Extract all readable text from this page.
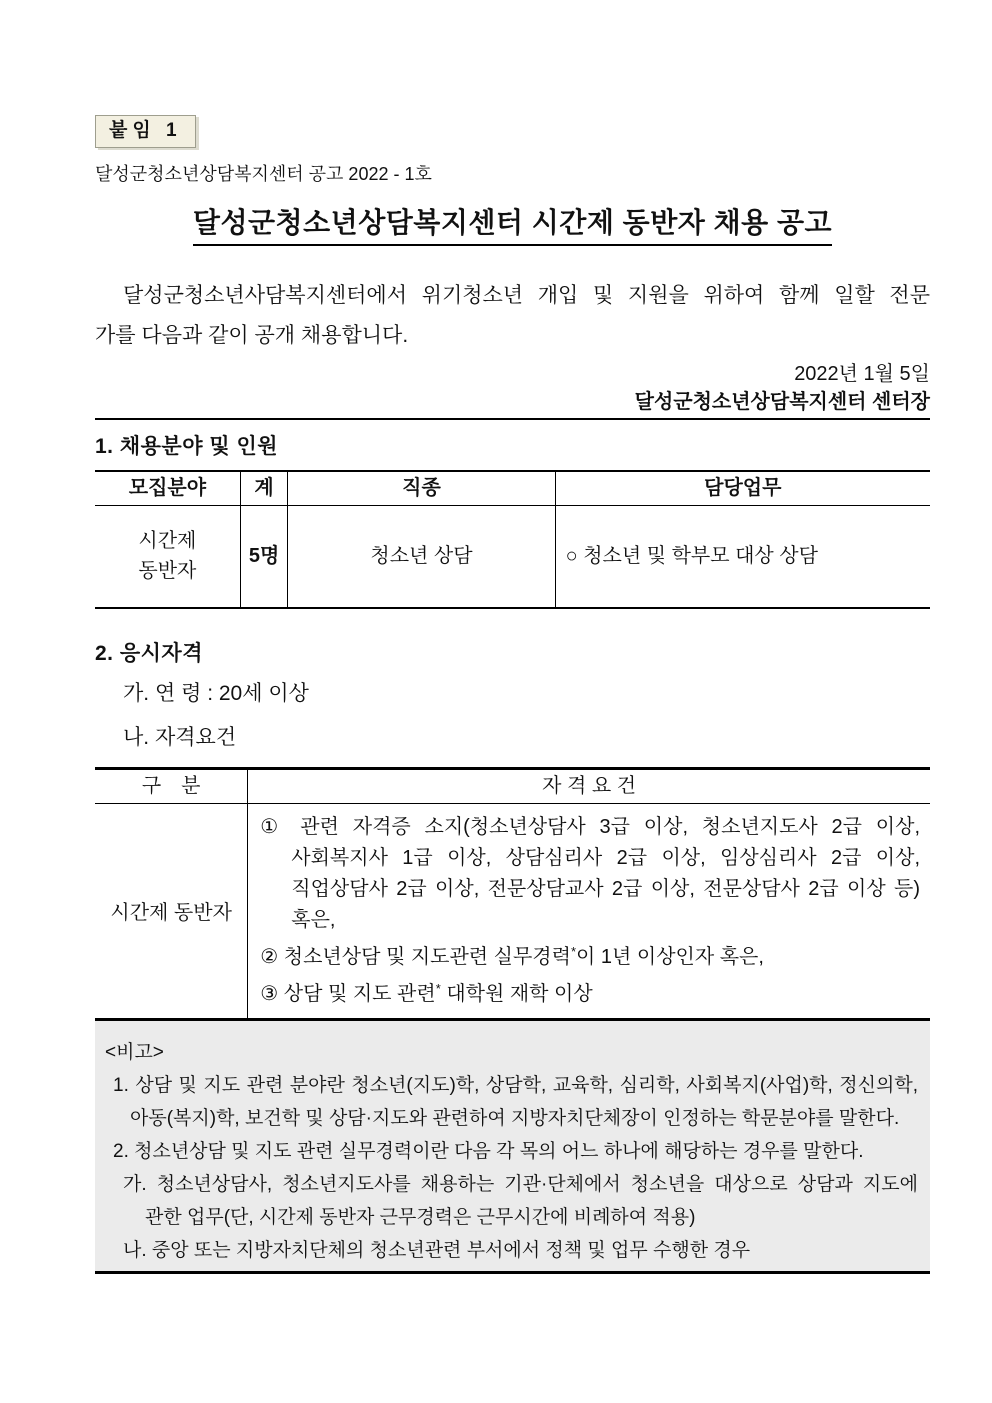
붙임 1
달성군청소년상담복지센터 공고 2022 - 1호
달성군청소년상담복지센터 시간제 동반자 채용 공고
달성군청소년사담복지센터에서 위기청소년 개입 및 지원을 위하여 함께 일할 전문
가를 다음과 같이 공개 채용합니다.
2022년 1월 5일
달성군청소년상담복지센터 센터장
1. 채용분야 및 인원
모집분야	계	직종	담당업무
시간제
동반자	5명	청소년 상담	○ 청소년 및 학부모 대상 상담
2. 응시자격
가. 연 령 : 20세 이상
나. 자격요건
구　분	자 격 요 건
시간제 동반자	① 관련 자격증 소지(청소년상담사 3급 이상, 청소년지도사 2급 이상, 사회복지사 1급 이상, 상담심리사 2급 이상, 임상심리사 2급 이상, 직업상담사 2급 이상, 전문상담교사 2급 이상, 전문상담사 2급 이상 등) 혹은,
② 청소년상담 및 지도관련 실무경력*이 1년 이상인자 혹은,
③ 상담 및 지도 관련* 대학원 재학 이상
<비고>
1. 상담 및 지도 관련 분야란 청소년(지도)학, 상담학, 교육학, 심리학, 사회복지(사업)학, 정신의학, 아동(복지)학, 보건학 및 상담·지도와 관련하여 지방자치단체장이 인정하는 학문분야를 말한다.
2. 청소년상담 및 지도 관련 실무경력이란 다음 각 목의 어느 하나에 해당하는 경우를 말한다.
가. 청소년상담사, 청소년지도사를 채용하는 기관·단체에서 청소년을 대상으로 상담과 지도에 관한 업무(단, 시간제 동반자 근무경력은 근무시간에 비례하여 적용)
나. 중앙 또는 지방자치단체의 청소년관련 부서에서 정책 및 업무 수행한 경우
